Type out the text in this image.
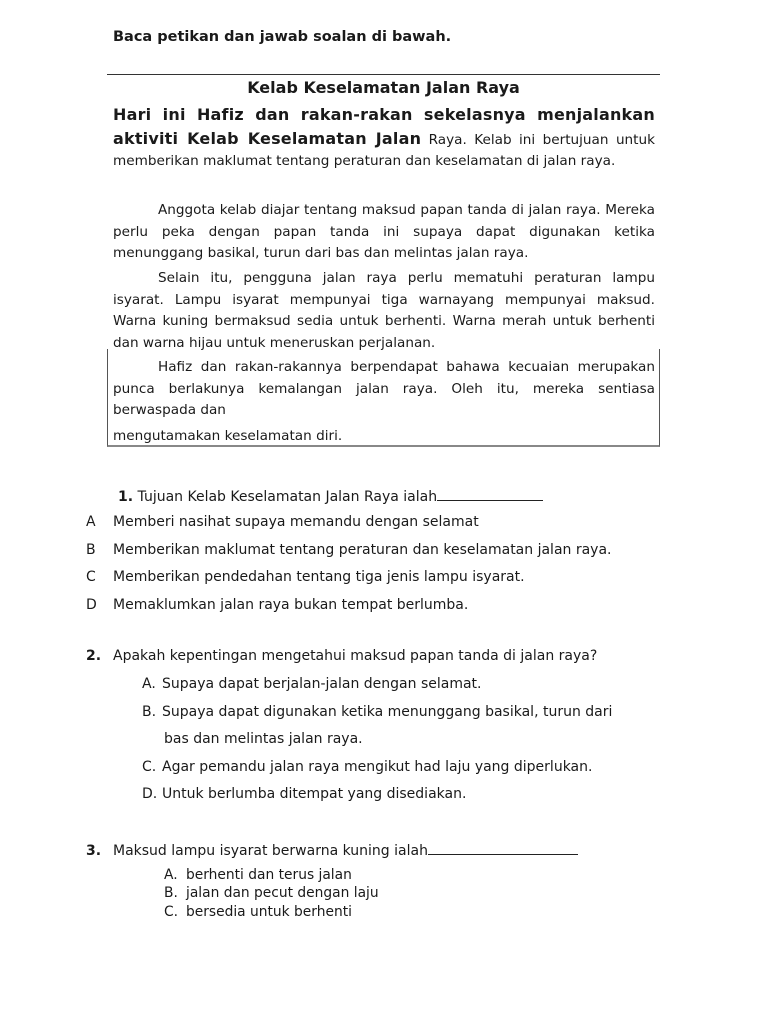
Baca petikan dan jawab soalan di bawah.
Kelab Keselamatan Jalan Raya
Hari ini Hafiz dan rakan-rakan sekelasnya menjalankan aktiviti Kelab Keselamatan Jalan Raya. Kelab ini bertujuan untuk memberikan maklumat tentang peraturan dan keselamatan di jalan raya.
Anggota kelab diajar tentang maksud papan tanda di jalan raya. Mereka perlu peka dengan papan tanda ini supaya dapat digunakan ketika menunggang basikal, turun dari bas dan melintas jalan raya.
Selain itu, pengguna jalan raya perlu mematuhi peraturan lampu isyarat. Lampu isyarat mempunyai tiga warnayang mempunyai maksud. Warna kuning bermaksud sedia untuk berhenti. Warna merah untuk berhenti dan warna hijau untuk meneruskan perjalanan.
Hafiz dan rakan-rakannya berpendapat bahawa kecuaian merupakan punca berlakunya kemalangan jalan raya. Oleh itu, mereka sentiasa berwaspada dan
mengutamakan keselamatan diri.
1. Tujuan Kelab Keselamatan Jalan Raya ialah
A Memberi nasihat supaya memandu dengan selamat
B Memberikan maklumat tentang peraturan dan keselamatan jalan raya.
C Memberikan pendedahan tentang tiga jenis lampu isyarat.
D Memaklumkan jalan raya bukan tempat berlumba.
2. Apakah kepentingan mengetahui maksud papan tanda di jalan raya?
A. Supaya dapat berjalan-jalan dengan selamat.
B. Supaya dapat digunakan ketika menunggang basikal, turun dari
bas dan melintas jalan raya.
C. Agar pemandu jalan raya mengikut had laju yang diperlukan.
D. Untuk berlumba ditempat yang disediakan.
3. Maksud lampu isyarat berwarna kuning ialah
A. berhenti dan terus jalan
B. jalan dan pecut dengan laju
C. bersedia untuk berhenti
